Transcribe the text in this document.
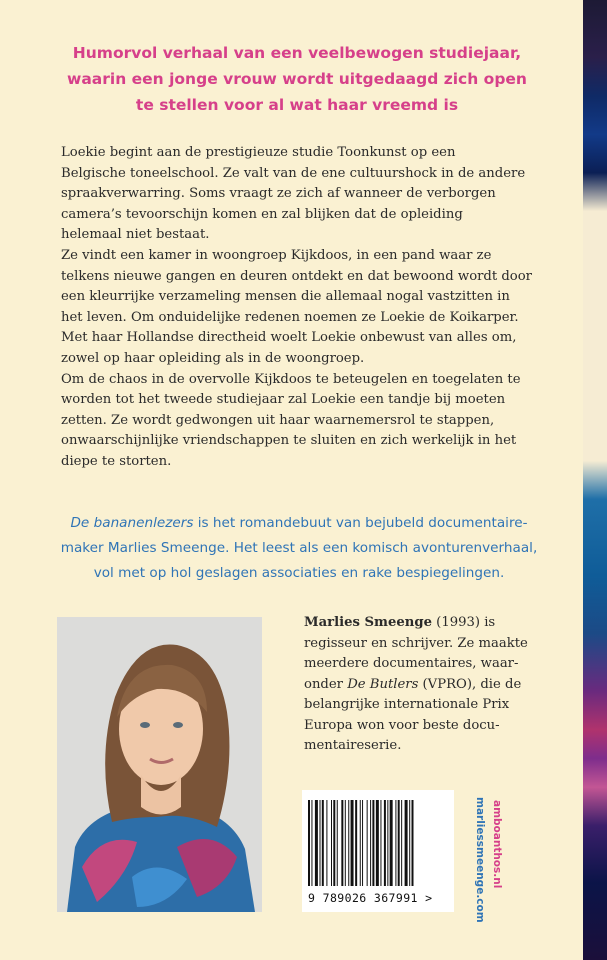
Humorvol verhaal van een veelbewogen studiejaar,
waarin een jonge vrouw wordt uitgedaagd zich open
te stellen voor al wat haar vreemd is
Loekie begint aan de prestigieuze studie Toonkunst op een
Belgische toneelschool. Ze valt van de ene cultuurshock in de andere
spraakverwarring. Soms vraagt ze zich af wanneer de verborgen
camera’s tevoorschijn komen en zal blijken dat de opleiding
helemaal niet bestaat.
Ze vindt een kamer in woongroep Kijkdoos, in een pand waar ze
telkens nieuwe gangen en deuren ontdekt en dat bewoond wordt door
een kleurrijke verzameling mensen die allemaal nogal vastzitten in
het leven. Om onduidelijke redenen noemen ze Loekie de Koikarper.
Met haar Hollandse directheid woelt Loekie onbewust van alles om,
zowel op haar opleiding als in de woongroep.
Om de chaos in de overvolle Kijkdoos te beteugelen en toegelaten te
worden tot het tweede studiejaar zal Loekie een tandje bij moeten
zetten. Ze wordt gedwongen uit haar waarnemersrol te stappen,
onwaarschijnlijke vriendschappen te sluiten en zich werkelijk in het
diepe te storten.
De bananenlezers is het romandebuut van bejubeld documentaire-
maker Marlies Smeenge. Het leest als een komisch avonturenverhaal,
vol met op hol geslagen associaties en rake bespiegelingen.
Marlies Smeenge (1993) is
regisseur en schrijver. Ze maakte
meerdere documentaires, waar-
onder De Butlers (VPRO), die de
belangrijke internationale Prix
Europa won voor beste docu-
mentaireserie.
9 789026 367991 >
amboanthos.nl
marliessmeenge.com
